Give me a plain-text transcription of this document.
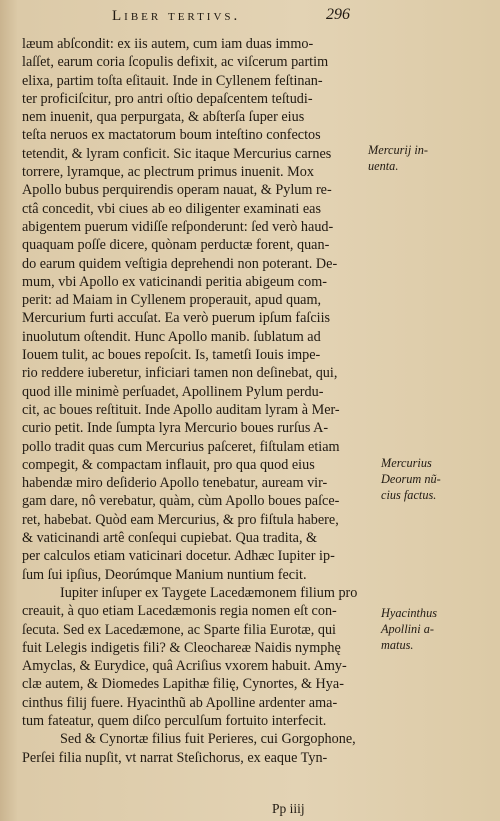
Liber tertivs.	296
læum abſcondit: ex iis autem, cum iam duas immo-
laſſet, earum coria ſcopulis defixit, ac viſcerum partim
elixa, partim toſta eſitauit. Inde in Cyllenem feſtinan-
ter proficiſcitur, pro antri oſtio depaſcentem teſtudi-
nem inuenit, qua perpurgata, & abſterſa ſuper eius
teſta neruos ex mactatorum boum inteſtino confectos
tetendit, & lyram conficit. Sic itaque Mercurius carnes
torrere, lyramque, ac plectrum primus inuenit. Mox
Apollo bubus perquirendis operam nauat, & Pylum re-
ctâ concedit, vbi ciues ab eo diligenter examinati eas
abigentem puerum vidiſſe reſponderunt: ſed verò haud-
quaquam poſſe dicere, quònam perductæ forent, quan-
do earum quidem veſtigia deprehendi non poterant. De-
mum, vbi Apollo ex vaticinandi peritia abigeum com-
perit: ad Maiam in Cyllenem properauit, apud quam,
Mercurium furti accuſat. Ea verò puerum ipſum faſciis
inuolutum oſtendit. Hunc Apollo manib. ſublatum ad
Iouem tulit, ac boues repoſcit. Is, tametſi Iouis impe-
rio reddere iuberetur, inficiari tamen non deſinebat, qui,
quod ille minimè perſuadet, Apollinem Pylum perdu-
cit, ac boues reſtituit. Inde Apollo auditam lyram à Mer-
curio petit. Inde ſumpta lyra Mercurio boues rurſus A-
pollo tradit quas cum Mercurius paſceret, fiſtulam etiam
compegit, & compactam inflauit, pro qua quod eius
habendæ miro deſiderio Apollo tenebatur, auream vir-
gam dare, nô verebatur, quàm, cùm Apollo boues paſce-
ret, habebat. Quòd eam Mercurius, & pro fiſtula habere,
& vaticinandi artê conſequi cupiebat. Qua tradita, &
per calculos etiam vaticinari docetur. Adhæc Iupiter ip-
ſum ſui ipſius, Deorúmque Manium nuntium fecit.
Iupiter inſuper ex Taygete Lacedæmonem filium pro
creauit, à quo etiam Lacedæmonis regia nomen eſt con-
ſecuta. Sed ex Lacedæmone, ac Sparte filia Eurotæ, qui
fuit Lelegis indigetis fili? & Cleochareæ Naidis nymphę
Amyclas, & Eurydice, quâ Acriſius vxorem habuit. Amy-
clæ autem, & Diomedes Lapithæ filię, Cynortes, & Hya-
cinthus filij fuere. Hyacinthũ ab Apolline ardenter ama-
tum fateatur, quem diſco perculſum fortuito interfecit.
Sed & Cynortæ filius fuit Perieres, cui Gorgophone,
Perſei filia nupſit, vt narrat Steſichorus, ex eaque Tyn-
Mercurij in-
uenta.
Mercurius
Deorum nũ-
cius factus.
Hyacinthus
Apollini a-
matus.
Pp iiij
